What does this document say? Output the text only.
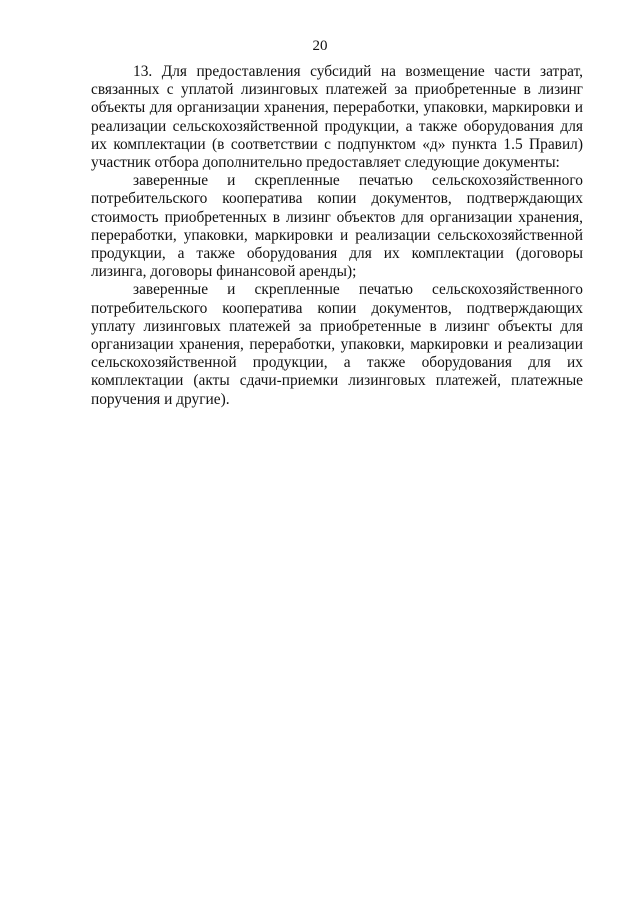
20

13. Для предоставления субсидий на возмещение части затрат, связанных с уплатой лизинговых платежей за приобретенные в лизинг объекты для организации хранения, переработки, упаковки, маркировки и реализации сельскохозяйственной продукции, а также оборудования для их комплектации (в соответствии с подпунктом «д» пункта 1.5 Правил) участник отбора дополнительно предоставляет следующие документы:

заверенные и скрепленные печатью сельскохозяйственного потребительского кооператива копии документов, подтверждающих стоимость приобретенных в лизинг объектов для организации хранения, переработки, упаковки, маркировки и реализации сельскохозяйственной продукции, а также оборудования для их комплектации (договоры лизинга, договоры финансовой аренды);

заверенные и скрепленные печатью сельскохозяйственного потребительского кооператива копии документов, подтверждающих уплату лизинговых платежей за приобретенные в лизинг объекты для организации хранения, переработки, упаковки, маркировки и реализации сельскохозяйственной продукции, а также оборудования для их комплектации (акты сдачи-приемки лизинговых платежей, платежные поручения и другие).
